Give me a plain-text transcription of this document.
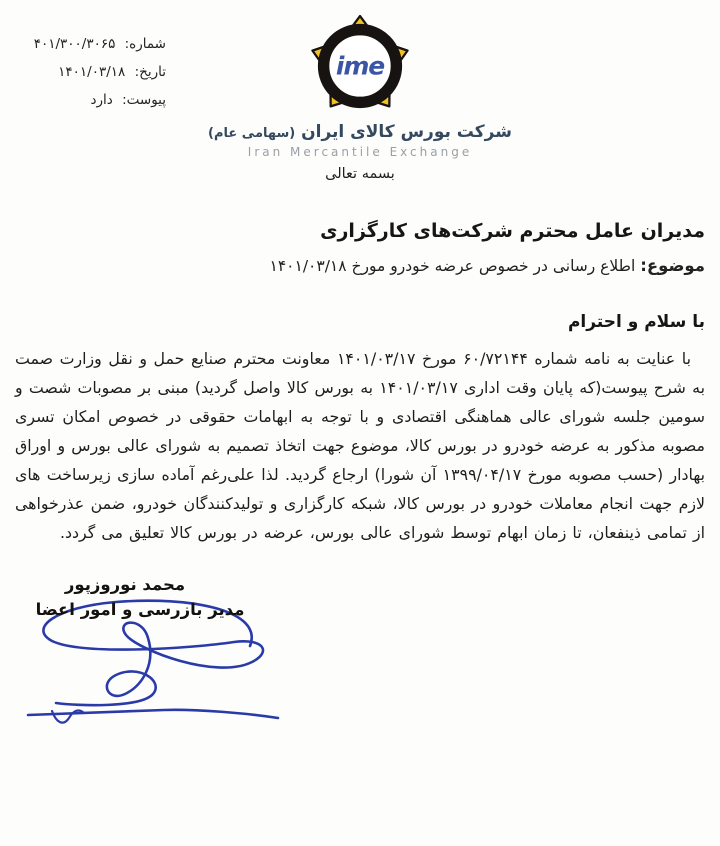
شماره: ۴۰۱/۳۰۰/۳۰۶۵
تاریخ: ۱۴۰۱/۰۳/۱۸
پیوست: دارد
ime
شرکت بورس کالای ایران (سهامی عام)
Iran Mercantile Exchange
بسمه تعالی
مدیران عامل محترم شرکت‌های کارگزاری
موضوع: اطلاع رسانی در خصوص عرضه خودرو مورخ ۱۴۰۱/۰۳/۱۸
با سلام و احترام

با عنایت به نامه شماره ۶۰/۷۲۱۴۴ مورخ ۱۴۰۱/۰۳/۱۷ معاونت محترم صنایع حمل و نقل وزارت صمت به شرح پیوست(که پایان وقت اداری ۱۴۰۱/۰۳/۱۷ به بورس کالا واصل گردید) مبنی بر مصوبات شصت و سومین جلسه شورای عالی هماهنگی اقتصادی و با توجه به ابهامات حقوقی در خصوص امکان تسری مصوبه مذکور به عرضه خودرو در بورس کالا، موضوع جهت اتخاذ تصمیم به شورای عالی بورس و اوراق بهادار (حسب مصوبه مورخ ۱۳۹۹/۰۴/۱۷ آن شورا) ارجاع گردید. لذا علی‌رغم آماده سازی زیرساخت های لازم جهت انجام معاملات خودرو در بورس کالا، شبکه کارگزاری و تولیدکنندگان خودرو، ضمن عذرخواهی از تمامی ذینفعان، تا زمان ابهام توسط شورای عالی بورس، عرضه در بورس کالا تعلیق می گردد.

محمد نوروزپور
مدیر بازرسی و امور اعضا
